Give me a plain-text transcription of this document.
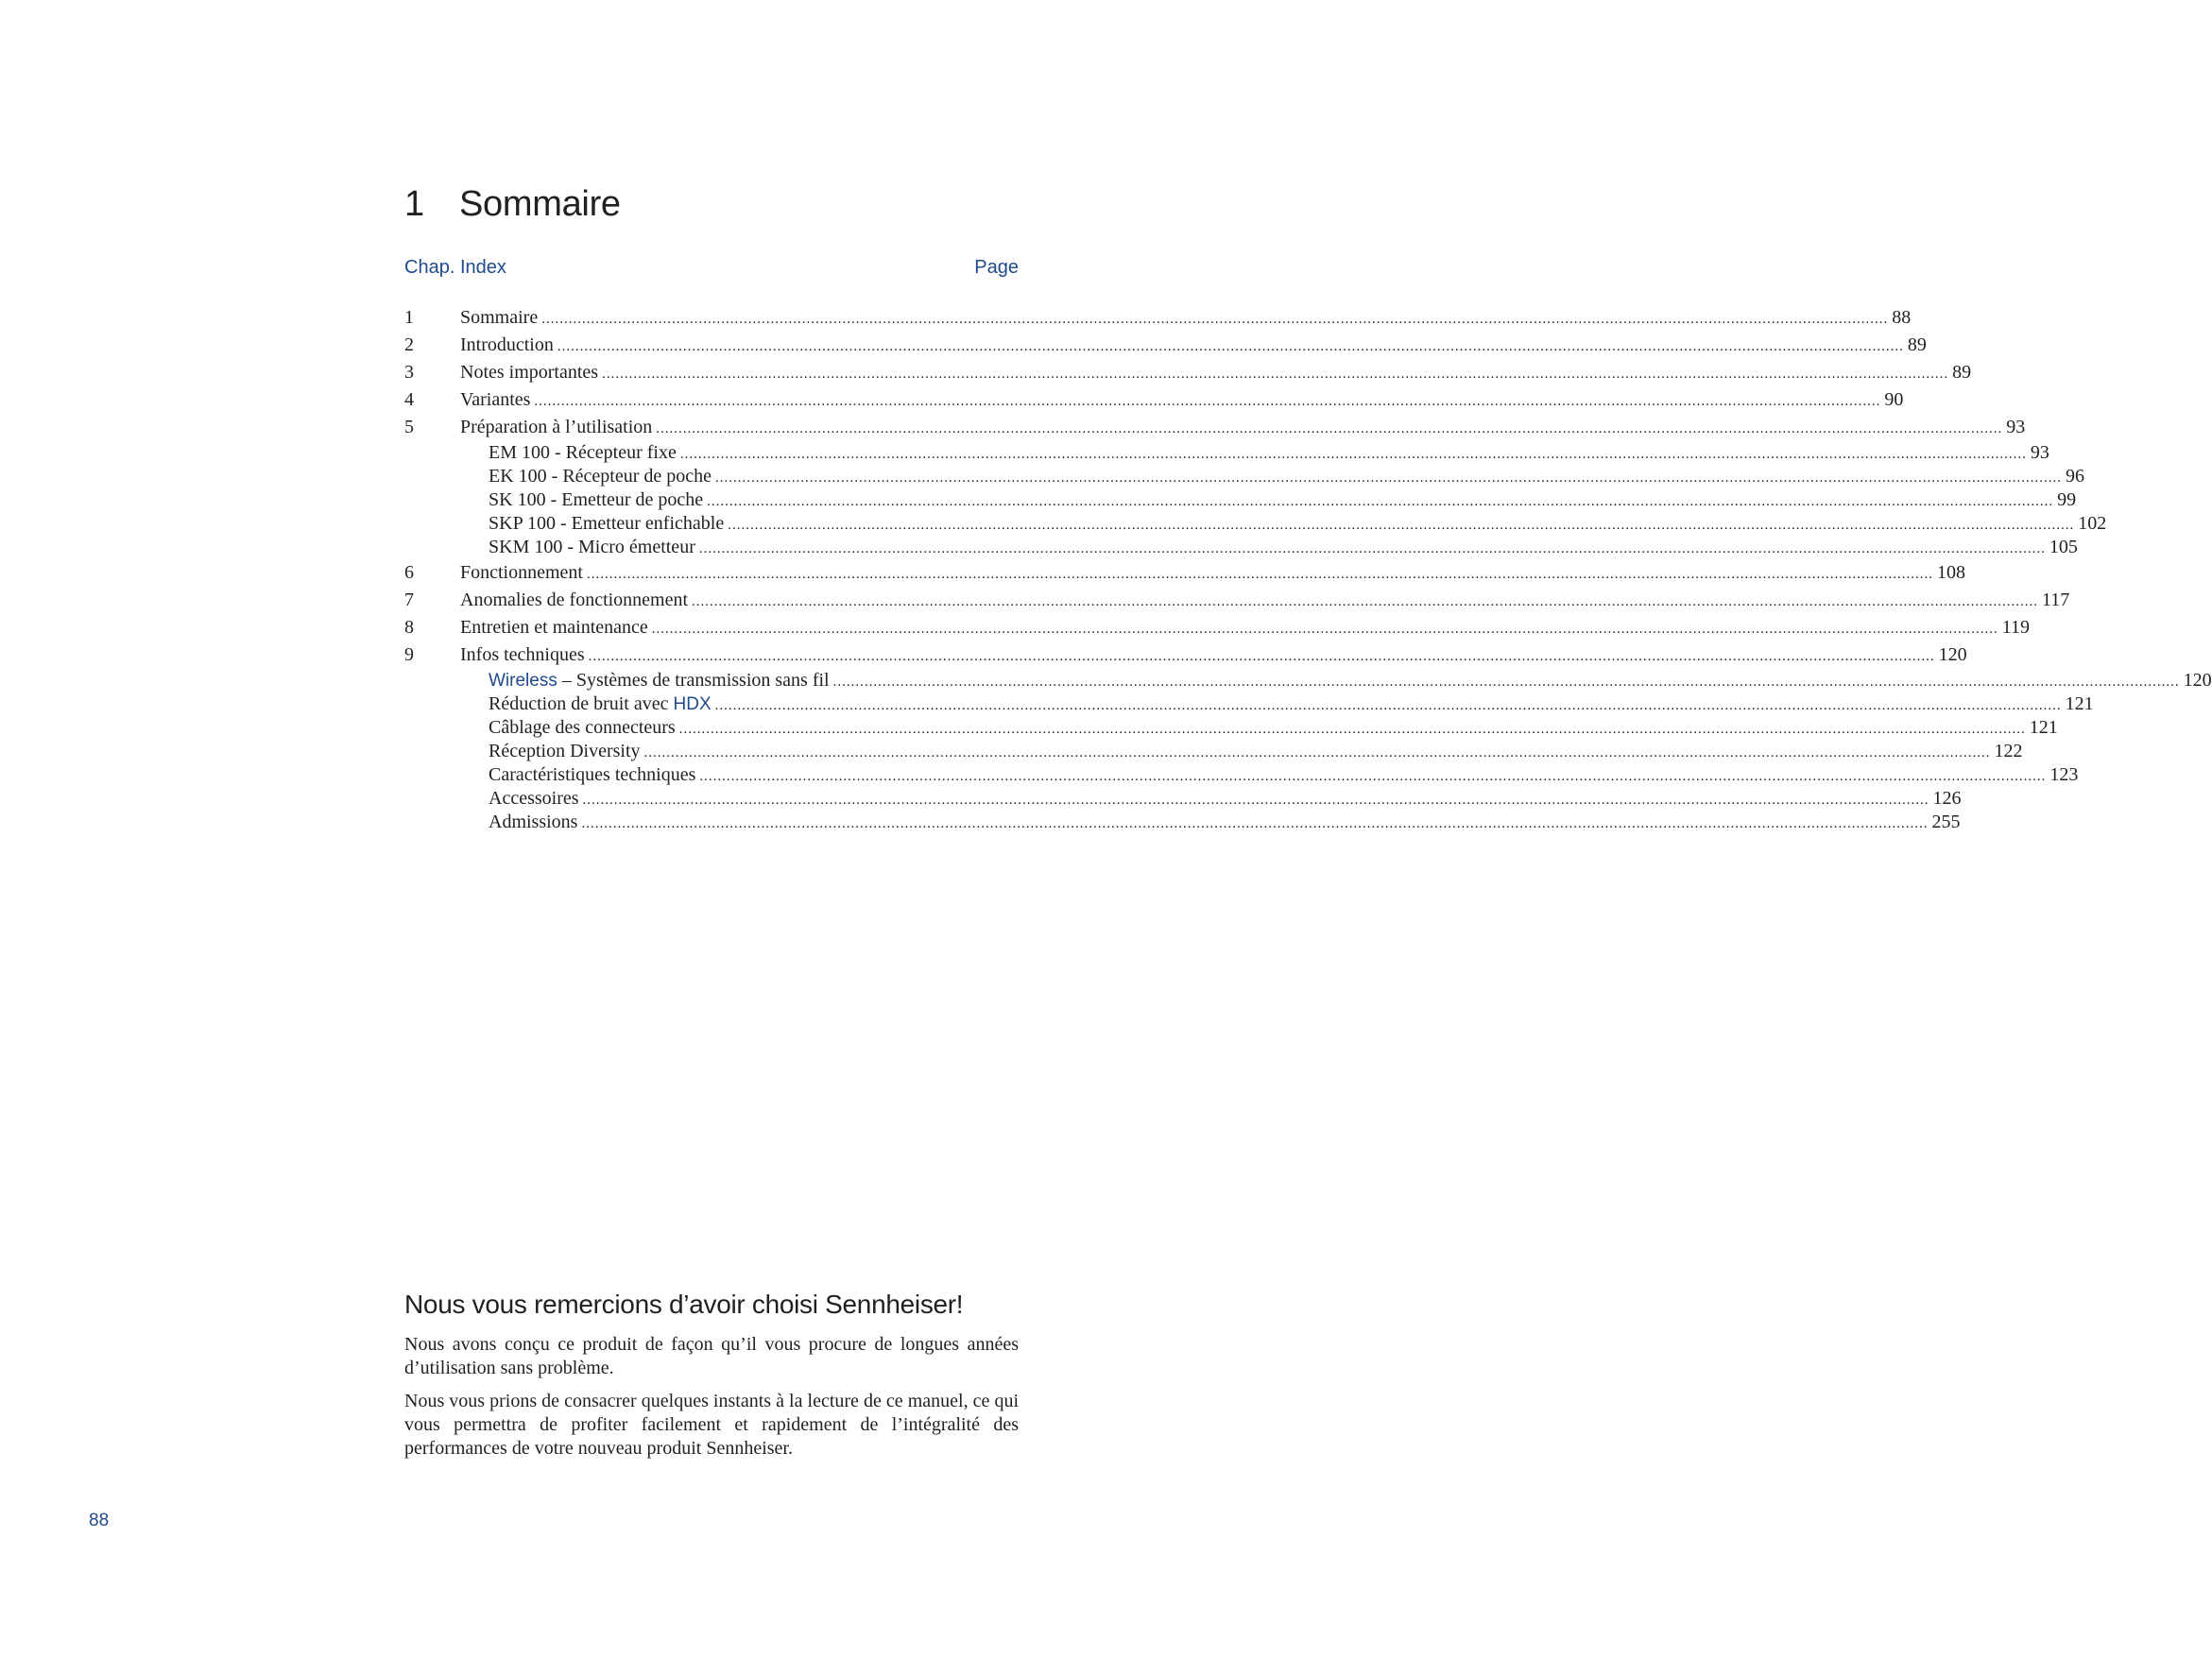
1 Sommaire
Chap. Index	Page
1 Sommaire ............................................................................................................................................................................................................................................................................................................ 88
2 Introduction ............................................................................................................................................................................................................................................................................................................ 89
3 Notes importantes ............................................................................................................................................................................................................................................................................................................ 89
4 Variantes ............................................................................................................................................................................................................................................................................................................ 90
5 Préparation à l’utilisation ............................................................................................................................................................................................................................................................................................................ 93
EM 100 - Récepteur fixe ............................................................................................................................................................................................................................................................................................................ 93
EK 100 - Récepteur de poche ............................................................................................................................................................................................................................................................................................................ 96
SK 100 - Emetteur de poche ............................................................................................................................................................................................................................................................................................................ 99
SKP 100 - Emetteur enfichable ............................................................................................................................................................................................................................................................................................................ 102
SKM 100 - Micro émetteur ............................................................................................................................................................................................................................................................................................................ 105
6 Fonctionnement ............................................................................................................................................................................................................................................................................................................ 108
7 Anomalies de fonctionnement ............................................................................................................................................................................................................................................................................................................ 117
8 Entretien et maintenance ............................................................................................................................................................................................................................................................................................................ 119
9 Infos techniques ............................................................................................................................................................................................................................................................................................................ 120
Wireless – Systèmes de transmission sans fil ............................................................................................................................................................................................................................................................................................................ 120
Réduction de bruit avec HDX ............................................................................................................................................................................................................................................................................................................ 121
Câblage des connecteurs ............................................................................................................................................................................................................................................................................................................ 121
Réception Diversity ............................................................................................................................................................................................................................................................................................................ 122
Caractéristiques techniques ............................................................................................................................................................................................................................................................................................................ 123
Accessoires ............................................................................................................................................................................................................................................................................................................ 126
Admissions ............................................................................................................................................................................................................................................................................................................ 255
Nous vous remercions d’avoir choisi Sennheiser!

Nous avons conçu ce produit de façon qu’il vous procure de longues années d’utilisation sans problème.

Nous vous prions de consacrer quelques instants à la lecture de ce manuel, ce qui vous permettra de profiter facilement et rapidement de l’intégralité des performances de votre nouveau produit Sennheiser.

88
